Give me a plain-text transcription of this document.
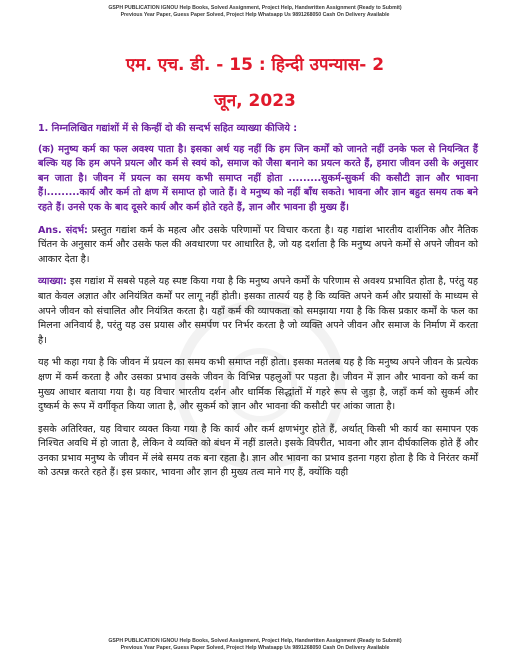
GSPH PUBLICATION IGNOU Help Books, Solved Assignment, Project Help, Handwritten Assignment (Ready to Submit)
Previous Year Paper, Guess Paper Solved, Project Help Whatsapp Us 9891268050 Cash On Delivery Available
एम. एच. डी. - 15 : हिन्दी उपन्यास- 2
जून, 2023

1. निम्नलिखित गद्यांशों में से किन्हीं दो की सन्दर्भ सहित व्याख्या कीजिये :

(क) मनुष्य कर्म का फल अवश्य पाता है। इसका अर्थ यह नहीं कि हम जिन कर्मों को जानते नहीं उनके फल से नियन्त्रित हैं बल्कि यह कि हम अपने प्रयत्न और कर्म से स्वयं को, समाज को जैसा बनाने का प्रयत्न करते हैं, हमारा जीवन उसी के अनुसार बन जाता है। जीवन में प्रयत्न का समय कभी समाप्त नहीं होता .........सुकर्म-सुकर्म की कसौटी ज्ञान और भावना हैं।.........कार्य और कर्म तो क्षण में समाप्त हो जाते हैं। वे मनुष्य को नहीं बाँध सकते। भावना और ज्ञान बहुत समय तक बने रहते हैं। उनसे एक के बाद दूसरे कार्य और कर्म होते रहते हैं, ज्ञान और भावना ही मुख्य हैं।

Ans. संदर्भ: प्रस्तुत गद्यांश कर्म के महत्व और उसके परिणामों पर विचार करता है। यह गद्यांश भारतीय दार्शनिक और नैतिक चिंतन के अनुसार कर्म और उसके फल की अवधारणा पर आधारित है, जो यह दर्शाता है कि मनुष्य अपने कर्मों से अपने जीवन को आकार देता है।

व्याख्या: इस गद्यांश में सबसे पहले यह स्पष्ट किया गया है कि मनुष्य अपने कर्मों के परिणाम से अवश्य प्रभावित होता है, परंतु यह बात केवल अज्ञात और अनियंत्रित कर्मों पर लागू नहीं होती। इसका तात्पर्य यह है कि व्यक्ति अपने कर्म और प्रयासों के माध्यम से अपने जीवन को संचालित और नियंत्रित करता है। यहाँ कर्म की व्यापकता को समझाया गया है कि किस प्रकार कर्मों के फल का मिलना अनिवार्य है, परंतु यह उस प्रयास और समर्पण पर निर्भर करता है जो व्यक्ति अपने जीवन और समाज के निर्माण में करता है।

यह भी कहा गया है कि जीवन में प्रयत्न का समय कभी समाप्त नहीं होता। इसका मतलब यह है कि मनुष्य अपने जीवन के प्रत्येक क्षण में कर्म करता है और उसका प्रभाव उसके जीवन के विभिन्न पहलुओं पर पड़ता है। जीवन में ज्ञान और भावना को कर्म का मुख्य आधार बताया गया है। यह विचार भारतीय दर्शन और धार्मिक सिद्धांतों में गहरे रूप से जुड़ा है, जहाँ कर्म को सुकर्म और दुष्कर्म के रूप में वर्गीकृत किया जाता है, और सुकर्म को ज्ञान और भावना की कसौटी पर आंका जाता है।

इसके अतिरिक्त, यह विचार व्यक्त किया गया है कि कार्य और कर्म क्षणभंगुर होते हैं, अर्थात् किसी भी कार्य का समापन एक निश्चित अवधि में हो जाता है, लेकिन वे व्यक्ति को बंधन में नहीं डालते। इसके विपरीत, भावना और ज्ञान दीर्घकालिक होते हैं और उनका प्रभाव मनुष्य के जीवन में लंबे समय तक बना रहता है। ज्ञान और भावना का प्रभाव इतना गहरा होता है कि वे निरंतर कर्मों को उत्पन्न करते रहते हैं। इस प्रकार, भावना और ज्ञान ही मुख्य तत्व माने गए हैं, क्योंकि यही

GSPH PUBLICATION IGNOU Help Books, Solved Assignment, Project Help, Handwritten Assignment (Ready to Submit)
Previous Year Paper, Guess Paper Solved, Project Help Whatsapp Us 9891268050 Cash On Delivery Available
